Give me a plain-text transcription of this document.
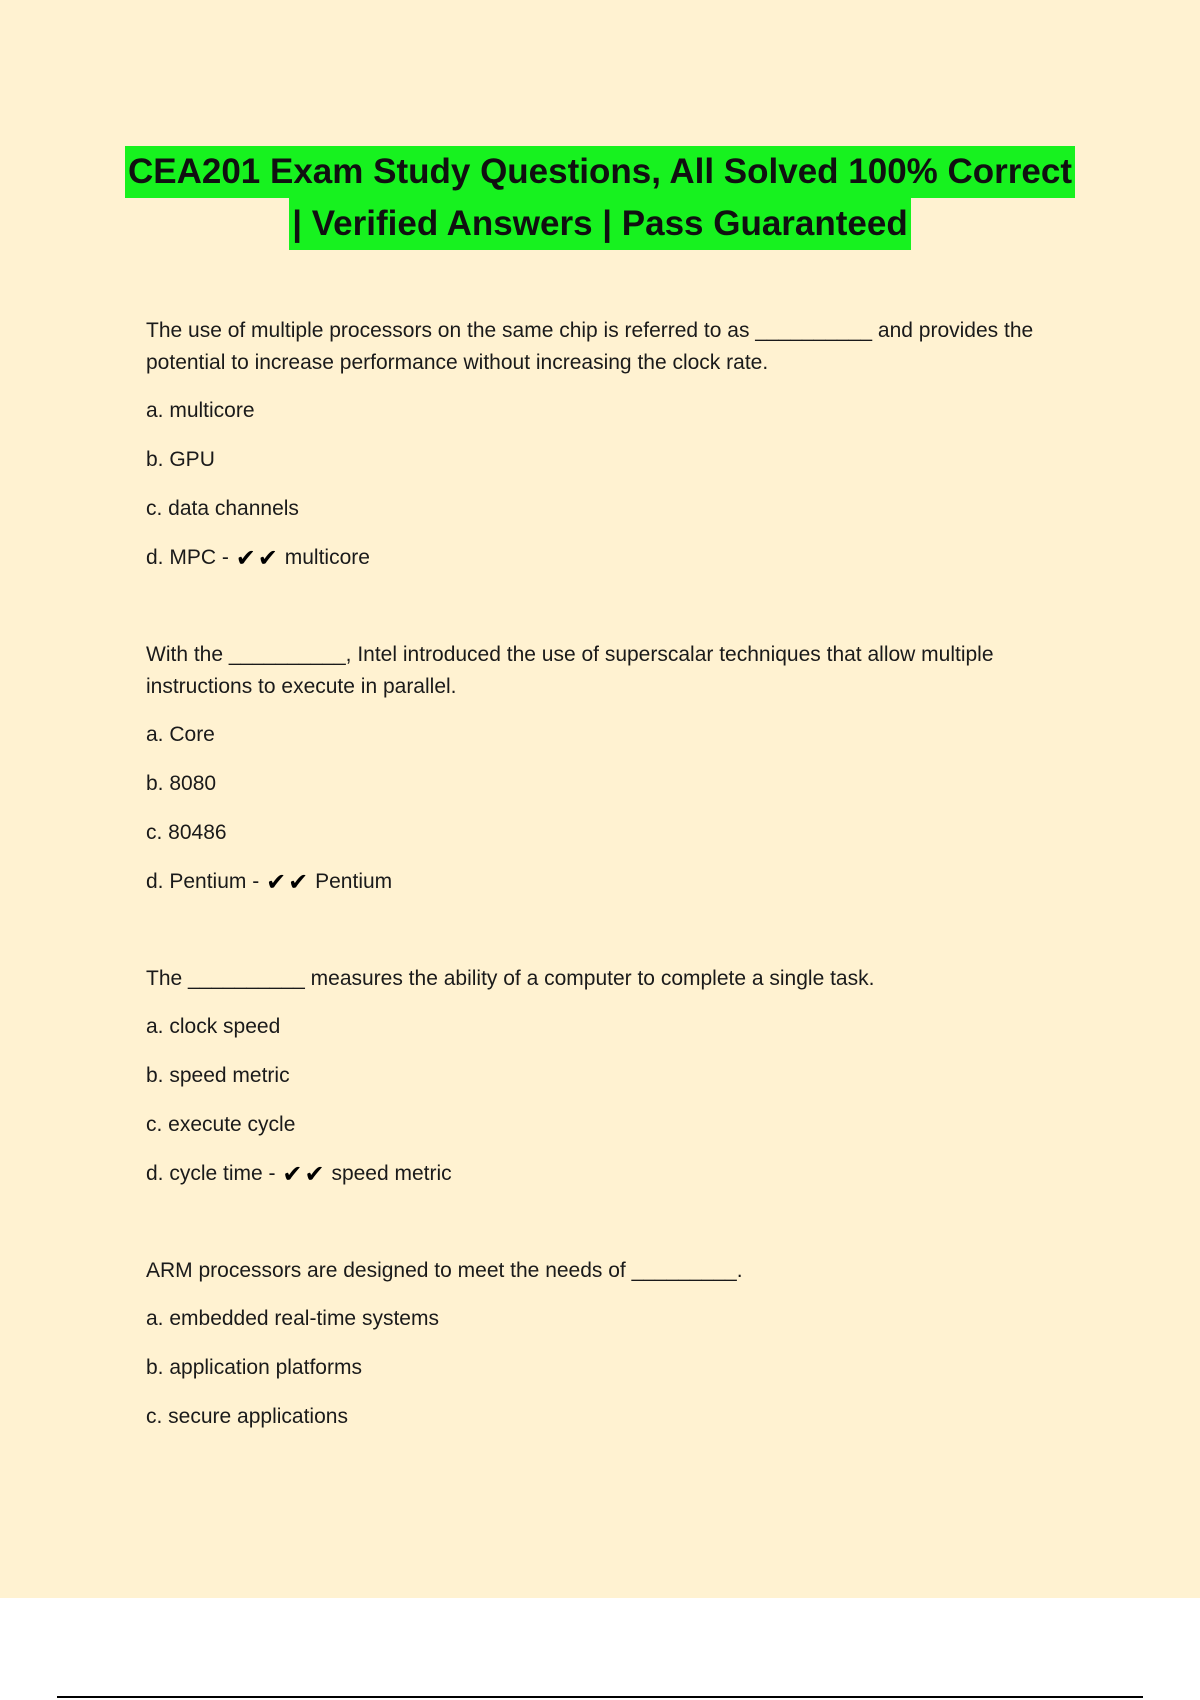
CEA201 Exam Study Questions, All Solved 100% Correct
| Verified Answers | Pass Guaranteed

The use of multiple processors on the same chip is referred to as __________ and provides the potential to increase performance without increasing the clock rate.

a. multicore

b. GPU

c. data channels

d. MPC - ✔✔ multicore

With the __________, Intel introduced the use of superscalar techniques that allow multiple instructions to execute in parallel.

a. Core

b. 8080

c. 80486

d. Pentium - ✔✔ Pentium

The __________ measures the ability of a computer to complete a single task.

a. clock speed

b. speed metric

c. execute cycle

d. cycle time - ✔✔ speed metric

ARM processors are designed to meet the needs of _________.

a. embedded real-time systems

b. application platforms

c. secure applications
